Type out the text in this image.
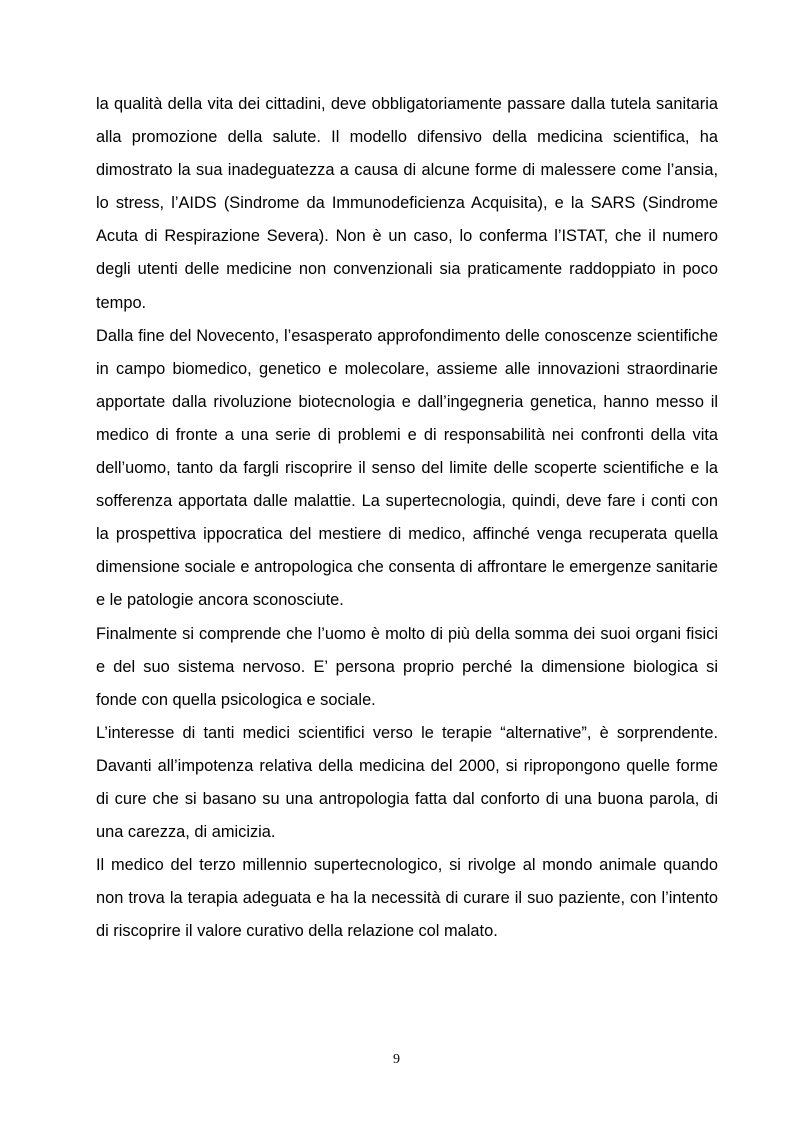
la qualità della vita dei cittadini, deve obbligatoriamente passare dalla tutela sanitaria alla promozione della salute. Il modello difensivo della medicina scientifica, ha dimostrato la sua inadeguatezza a causa di alcune forme di malessere come l’ansia, lo stress, l’AIDS (Sindrome da Immunodeficienza Acquisita), e la SARS (Sindrome Acuta di Respirazione Severa). Non è un caso, lo conferma l’ISTAT, che il numero degli utenti delle medicine non convenzionali sia praticamente raddoppiato in poco tempo.

Dalla fine del Novecento, l’esasperato approfondimento delle conoscenze scientifiche in campo biomedico, genetico e molecolare, assieme alle innovazioni straordinarie apportate dalla rivoluzione biotecnologia e dall’ingegneria genetica, hanno messo il medico di fronte a una serie di problemi e di responsabilità nei confronti della vita dell’uomo, tanto da fargli riscoprire il senso del limite delle scoperte scientifiche e la sofferenza apportata dalle malattie. La supertecnologia, quindi, deve fare i conti con la prospettiva ippocratica del mestiere di medico, affinché venga recuperata quella dimensione sociale e antropologica che consenta di affrontare le emergenze sanitarie e le patologie ancora sconosciute.

Finalmente si comprende che l’uomo è molto di più della somma dei suoi organi fisici e del suo sistema nervoso. E’ persona proprio perché la dimensione biologica si fonde con quella psicologica e sociale.

L’interesse di tanti medici scientifici verso le terapie “alternative”, è sorprendente. Davanti all’impotenza relativa della medicina del 2000, si ripropongono quelle forme di cure che si basano su una antropologia fatta dal conforto di una buona parola, di una carezza, di amicizia.

Il medico del terzo millennio supertecnologico, si rivolge al mondo animale quando non trova la terapia adeguata e ha la necessità di curare il suo paziente, con l’intento di riscoprire il valore curativo della relazione col malato.

9
